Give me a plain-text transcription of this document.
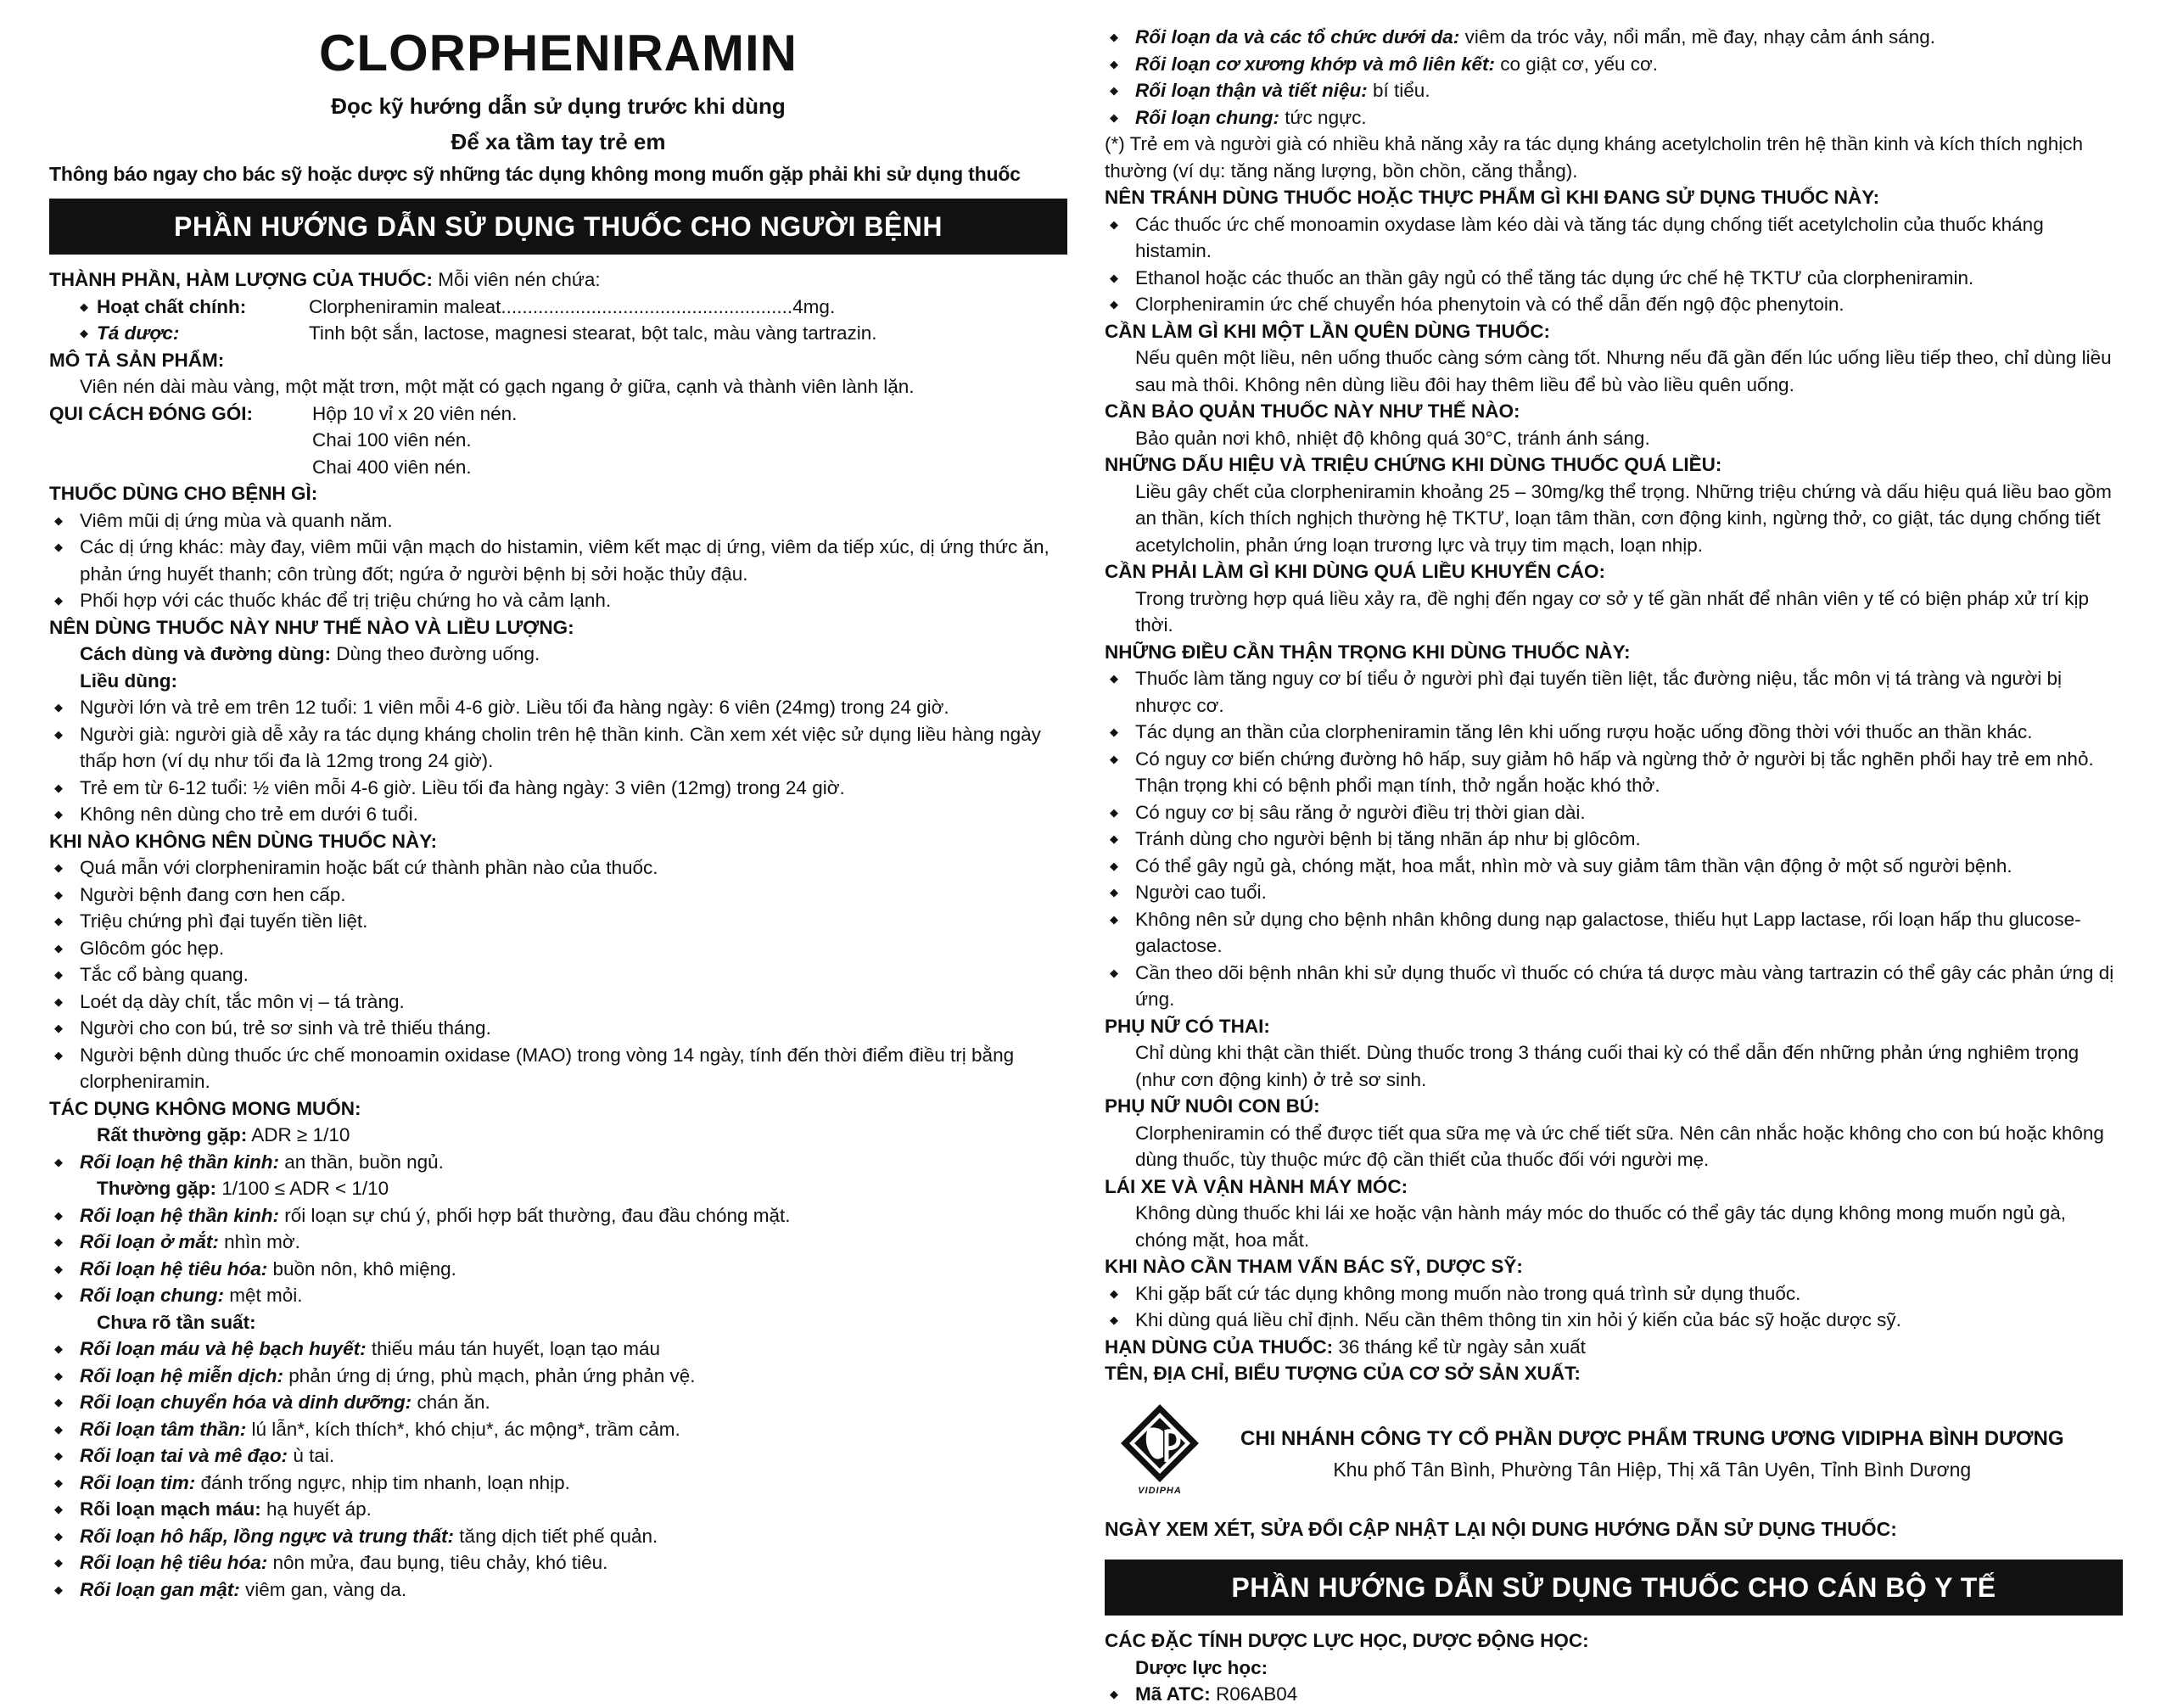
CLORPHENIRAMIN
Đọc kỹ hướng dẫn sử dụng trước khi dùng
Để xa tầm tay trẻ em
Thông báo ngay cho bác sỹ hoặc dược sỹ những tác dụng không mong muốn gặp phải khi sử dụng thuốc
PHẦN HƯỚNG DẪN SỬ DỤNG THUỐC CHO NGƯỜI BỆNH
THÀNH PHẦN, HÀM LƯỢNG CỦA THUỐC: Mỗi viên nén chứa:
◆ Hoạt chất chính:	Clorpheniramin maleat.......................................................4mg.
◆ Tá dược:	Tinh bột sắn, lactose, magnesi stearat, bột talc, màu vàng tartrazin.
MÔ TẢ SẢN PHẨM:
Viên nén dài màu vàng, một mặt trơn, một mặt có gạch ngang ở giữa, cạnh và thành viên lành lặn.
QUI CÁCH ĐÓNG GÓI:	Hộp 10 vỉ x 20 viên nén.
Chai 100 viên nén.
Chai 400 viên nén.
THUỐC DÙNG CHO BỆNH GÌ:
◆ Viêm mũi dị ứng mùa và quanh năm.
◆ Các dị ứng khác: mày đay, viêm mũi vận mạch do histamin, viêm kết mạc dị ứng, viêm da tiếp xúc, dị ứng thức ăn, phản ứng huyết thanh; côn trùng đốt; ngứa ở người bệnh bị sởi hoặc thủy đậu.
◆ Phối hợp với các thuốc khác để trị triệu chứng ho và cảm lạnh.
NÊN DÙNG THUỐC NÀY NHƯ THẾ NÀO VÀ LIỀU LƯỢNG:
Cách dùng và đường dùng: Dùng theo đường uống.
Liều dùng:
◆ Người lớn và trẻ em trên 12 tuổi: 1 viên mỗi 4-6 giờ. Liều tối đa hàng ngày: 6 viên (24mg) trong 24 giờ.
◆ Người già: người già dễ xảy ra tác dụng kháng cholin trên hệ thần kinh. Cần xem xét việc sử dụng liều hàng ngày thấp hơn (ví dụ như tối đa là 12mg trong 24 giờ).
◆ Trẻ em từ 6-12 tuổi: ½ viên mỗi 4-6 giờ. Liều tối đa hàng ngày: 3 viên (12mg) trong 24 giờ.
◆ Không nên dùng cho trẻ em dưới 6 tuổi.
KHI NÀO KHÔNG NÊN DÙNG THUỐC NÀY:
◆ Quá mẫn với clorpheniramin hoặc bất cứ thành phần nào của thuốc.
◆ Người bệnh đang cơn hen cấp.
◆ Triệu chứng phì đại tuyến tiền liệt.
◆ Glôcôm góc hẹp.
◆ Tắc cổ bàng quang.
◆ Loét dạ dày chít, tắc môn vị – tá tràng.
◆ Người cho con bú, trẻ sơ sinh và trẻ thiếu tháng.
◆ Người bệnh dùng thuốc ức chế monoamin oxidase (MAO) trong vòng 14 ngày, tính đến thời điểm điều trị bằng clorpheniramin.
TÁC DỤNG KHÔNG MONG MUỐN:
Rất thường gặp: ADR ≥ 1/10
◆ Rối loạn hệ thần kinh: an thần, buồn ngủ.
Thường gặp: 1/100 ≤ ADR < 1/10
◆ Rối loạn hệ thần kinh: rối loạn sự chú ý, phối hợp bất thường, đau đầu chóng mặt.
◆ Rối loạn ở mắt: nhìn mờ.
◆ Rối loạn hệ tiêu hóa: buồn nôn, khô miệng.
◆ Rối loạn chung: mệt mỏi.
Chưa rõ tần suất:
◆ Rối loạn máu và hệ bạch huyết: thiếu máu tán huyết, loạn tạo máu
◆ Rối loạn hệ miễn dịch: phản ứng dị ứng, phù mạch, phản ứng phản vệ.
◆ Rối loạn chuyển hóa và dinh dưỡng: chán ăn.
◆ Rối loạn tâm thần: lú lẫn*, kích thích*, khó chịu*, ác mộng*, trầm cảm.
◆ Rối loạn tai và mê đạo: ù tai.
◆ Rối loạn tim: đánh trống ngực, nhịp tim nhanh, loạn nhịp.
◆ Rối loạn mạch máu: hạ huyết áp.
◆ Rối loạn hô hấp, lồng ngực và trung thất: tăng dịch tiết phế quản.
◆ Rối loạn hệ tiêu hóa: nôn mửa, đau bụng, tiêu chảy, khó tiêu.
◆ Rối loạn gan mật: viêm gan, vàng da.
◆ Rối loạn da và các tổ chức dưới da: viêm da tróc vảy, nổi mẩn, mề đay, nhạy cảm ánh sáng.
◆ Rối loạn cơ xương khớp và mô liên kết: co giật cơ, yếu cơ.
◆ Rối loạn thận và tiết niệu: bí tiểu.
◆ Rối loạn chung: tức ngực.
(*) Trẻ em và người già có nhiều khả năng xảy ra tác dụng kháng acetylcholin trên hệ thần kinh và kích thích nghịch thường (ví dụ: tăng năng lượng, bồn chồn, căng thẳng).
NÊN TRÁNH DÙNG THUỐC HOẶC THỰC PHẨM GÌ KHI ĐANG SỬ DỤNG THUỐC NÀY:
◆ Các thuốc ức chế monoamin oxydase làm kéo dài và tăng tác dụng chống tiết acetylcholin của thuốc kháng histamin.
◆ Ethanol hoặc các thuốc an thần gây ngủ có thể tăng tác dụng ức chế hệ TKTƯ của clorpheniramin.
◆ Clorpheniramin ức chế chuyển hóa phenytoin và có thể dẫn đến ngộ độc phenytoin.
CẦN LÀM GÌ KHI MỘT LẦN QUÊN DÙNG THUỐC:
Nếu quên một liều, nên uống thuốc càng sớm càng tốt. Nhưng nếu đã gần đến lúc uống liều tiếp theo, chỉ dùng liều sau mà thôi. Không nên dùng liều đôi hay thêm liều để bù vào liều quên uống.
CẦN BẢO QUẢN THUỐC NÀY NHƯ THẾ NÀO:
Bảo quản nơi khô, nhiệt độ không quá 30°C, tránh ánh sáng.
NHỮNG DẤU HIỆU VÀ TRIỆU CHỨNG KHI DÙNG THUỐC QUÁ LIỀU:
Liều gây chết của clorpheniramin khoảng 25 – 30mg/kg thể trọng. Những triệu chứng và dấu hiệu quá liều bao gồm an thần, kích thích nghịch thường hệ TKTƯ, loạn tâm thần, cơn động kinh, ngừng thở, co giật, tác dụng chống tiết acetylcholin, phản ứng loạn trương lực và trụy tim mạch, loạn nhịp.
CẦN PHẢI LÀM GÌ KHI DÙNG QUÁ LIỀU KHUYẾN CÁO:
Trong trường hợp quá liều xảy ra, đề nghị đến ngay cơ sở y tế gần nhất để nhân viên y tế có biện pháp xử trí kịp thời.
NHỮNG ĐIỀU CẦN THẬN TRỌNG KHI DÙNG THUỐC NÀY:
◆ Thuốc làm tăng nguy cơ bí tiểu ở người phì đại tuyến tiền liệt, tắc đường niệu, tắc môn vị tá tràng và người bị nhược cơ.
◆ Tác dụng an thần của clorpheniramin tăng lên khi uống rượu hoặc uống đồng thời với thuốc an thần khác.
◆ Có nguy cơ biến chứng đường hô hấp, suy giảm hô hấp và ngừng thở ở người bị tắc nghẽn phổi hay trẻ em nhỏ. Thận trọng khi có bệnh phổi mạn tính, thở ngắn hoặc khó thở.
◆ Có nguy cơ bị sâu răng ở người điều trị thời gian dài.
◆ Tránh dùng cho người bệnh bị tăng nhãn áp như bị glôcôm.
◆ Có thể gây ngủ gà, chóng mặt, hoa mắt, nhìn mờ và suy giảm tâm thần vận động ở một số người bệnh.
◆ Người cao tuổi.
◆ Không nên sử dụng cho bệnh nhân không dung nạp galactose, thiếu hụt Lapp lactase, rối loạn hấp thu glucose-galactose.
◆ Cần theo dõi bệnh nhân khi sử dụng thuốc vì thuốc có chứa tá dược màu vàng tartrazin có thể gây các phản ứng dị ứng.
PHỤ NỮ CÓ THAI:
Chỉ dùng khi thật cần thiết. Dùng thuốc trong 3 tháng cuối thai kỳ có thể dẫn đến những phản ứng nghiêm trọng (như cơn động kinh) ở trẻ sơ sinh.
PHỤ NỮ NUÔI CON BÚ:
Clorpheniramin có thể được tiết qua sữa mẹ và ức chế tiết sữa. Nên cân nhắc hoặc không cho con bú hoặc không dùng thuốc, tùy thuộc mức độ cần thiết của thuốc đối với người mẹ.
LÁI XE VÀ VẬN HÀNH MÁY MÓC:
Không dùng thuốc khi lái xe hoặc vận hành máy móc do thuốc có thể gây tác dụng không mong muốn ngủ gà, chóng mặt, hoa mắt.
KHI NÀO CẦN THAM VẤN BÁC SỸ, DƯỢC SỸ:
◆ Khi gặp bất cứ tác dụng không mong muốn nào trong quá trình sử dụng thuốc.
◆ Khi dùng quá liều chỉ định. Nếu cần thêm thông tin xin hỏi ý kiến của bác sỹ hoặc dược sỹ.
HẠN DÙNG CỦA THUỐC: 36 tháng kể từ ngày sản xuất
TÊN, ĐỊA CHỈ, BIỂU TƯỢNG CỦA CƠ SỞ SẢN XUẤT:
VIDIPHA
CHI NHÁNH CÔNG TY CỔ PHẦN DƯỢC PHẨM TRUNG ƯƠNG VIDIPHA BÌNH DƯƠNG
Khu phố Tân Bình, Phường Tân Hiệp, Thị xã Tân Uyên, Tỉnh Bình Dương
NGÀY XEM XÉT, SỬA ĐỔI CẬP NHẬT LẠI NỘI DUNG HƯỚNG DẪN SỬ DỤNG THUỐC:
PHẦN HƯỚNG DẪN SỬ DỤNG THUỐC CHO CÁN BỘ Y TẾ
CÁC ĐẶC TÍNH DƯỢC LỰC HỌC, DƯỢC ĐỘNG HỌC:
Dược lực học:
◆ Mã ATC: R06AB04
